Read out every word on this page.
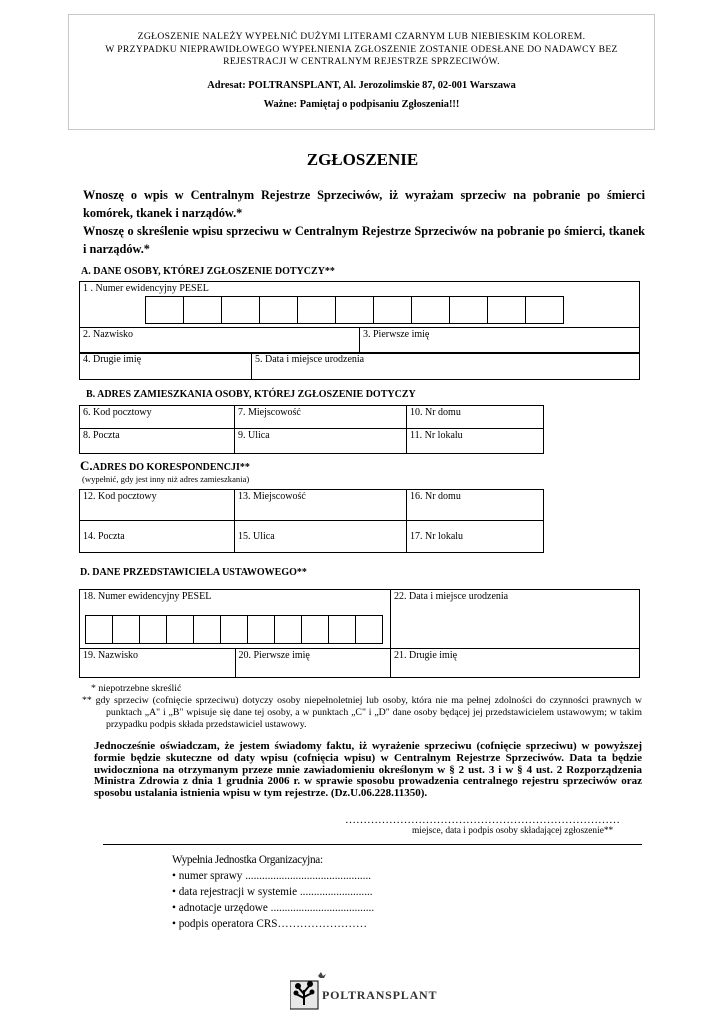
ZGŁOSZENIE NALEŻY WYPEŁNIĆ DUŻYMI LITERAMI CZARNYM LUB NIEBIESKIM KOLOREM.
W PRZYPADKU NIEPRAWIDŁOWEGO WYPEŁNIENIA ZGŁOSZENIE ZOSTANIE ODESŁANE DO NADAWCY BEZ
REJESTRACJI W CENTRALNYM REJESTRZE SPRZECIWÓW.
Adresat: POLTRANSPLANT, Al. Jerozolimskie 87, 02-001 Warszawa
Ważne: Pamiętaj o podpisaniu Zgłoszenia!!!
ZGŁOSZENIE
Wnoszę o wpis w Centralnym Rejestrze Sprzeciwów, iż wyrażam sprzeciw na pobranie po śmierci komórek, tkanek i narządów.*
Wnoszę o skreślenie wpisu sprzeciwu w Centralnym Rejestrze Sprzeciwów na pobranie po śmierci, tkanek i narządów.*
A. DANE OSOBY, KTÓREJ ZGŁOSZENIE DOTYCZY**
1 . Numer ewidencyjny PESEL
2. Nazwisko	3. Pierwsze imię
4. Drugie imię	5. Data i miejsce urodzenia
B. ADRES ZAMIESZKANIA OSOBY, KTÓREJ ZGŁOSZENIE DOTYCZY
6. Kod pocztowy	7. Miejscowość	10. Nr domu
8. Poczta	9. Ulica	11. Nr lokalu
C.ADRES DO KORESPONDENCJI**
(wypełnić, gdy jest inny niż adres zamieszkania)
12. Kod pocztowy	13. Miejscowość	16. Nr domu
14. Poczta	15. Ulica	17. Nr lokalu
D. DANE PRZEDSTAWICIELA USTAWOWEGO**
18. Numer ewidencyjny PESEL		22. Data i miejsce urodzenia
19. Nazwisko	20. Pierwsze imię	21. Drugie imię
* niepotrzebne skreślić
** gdy sprzeciw (cofnięcie sprzeciwu) dotyczy osoby niepełnoletniej lub osoby, która nie ma pełnej zdolności do czynności prawnych w punktach „A" i „B" wpisuje się dane tej osoby, a w punktach „C" i „D" dane osoby będącej jej przedstawicielem ustawowym; w takim przypadku podpis składa przedstawiciel ustawowy.
Jednocześnie oświadczam, że jestem świadomy faktu, iż wyrażenie sprzeciwu (cofnięcie sprzeciwu) w powyższej formie będzie skuteczne od daty wpisu (cofnięcia wpisu) w Centralnym Rejestrze Sprzeciwów. Data ta będzie uwidoczniona na otrzymanym przeze mnie zawiadomieniu określonym w § 2 ust. 3 i w § 4 ust. 2 Rozporządzenia Ministra Zdrowia z dnia 1 grudnia 2006 r. w sprawie sposobu prowadzenia centralnego rejestru sprzeciwów oraz sposobu ustalania istnienia wpisu w tym rejestrze. (Dz.U.06.228.11350).
…………………………………………………………………
miejsce, data i podpis osoby składającej zgłoszenie**
Wypełnia Jednostka Organizacyjna:
• numer sprawy .............................................
• data rejestracji w systemie ..........................
• adnotacje urzędowe .....................................
• podpis operatora CRS……………………
POLTRANSPLANT
